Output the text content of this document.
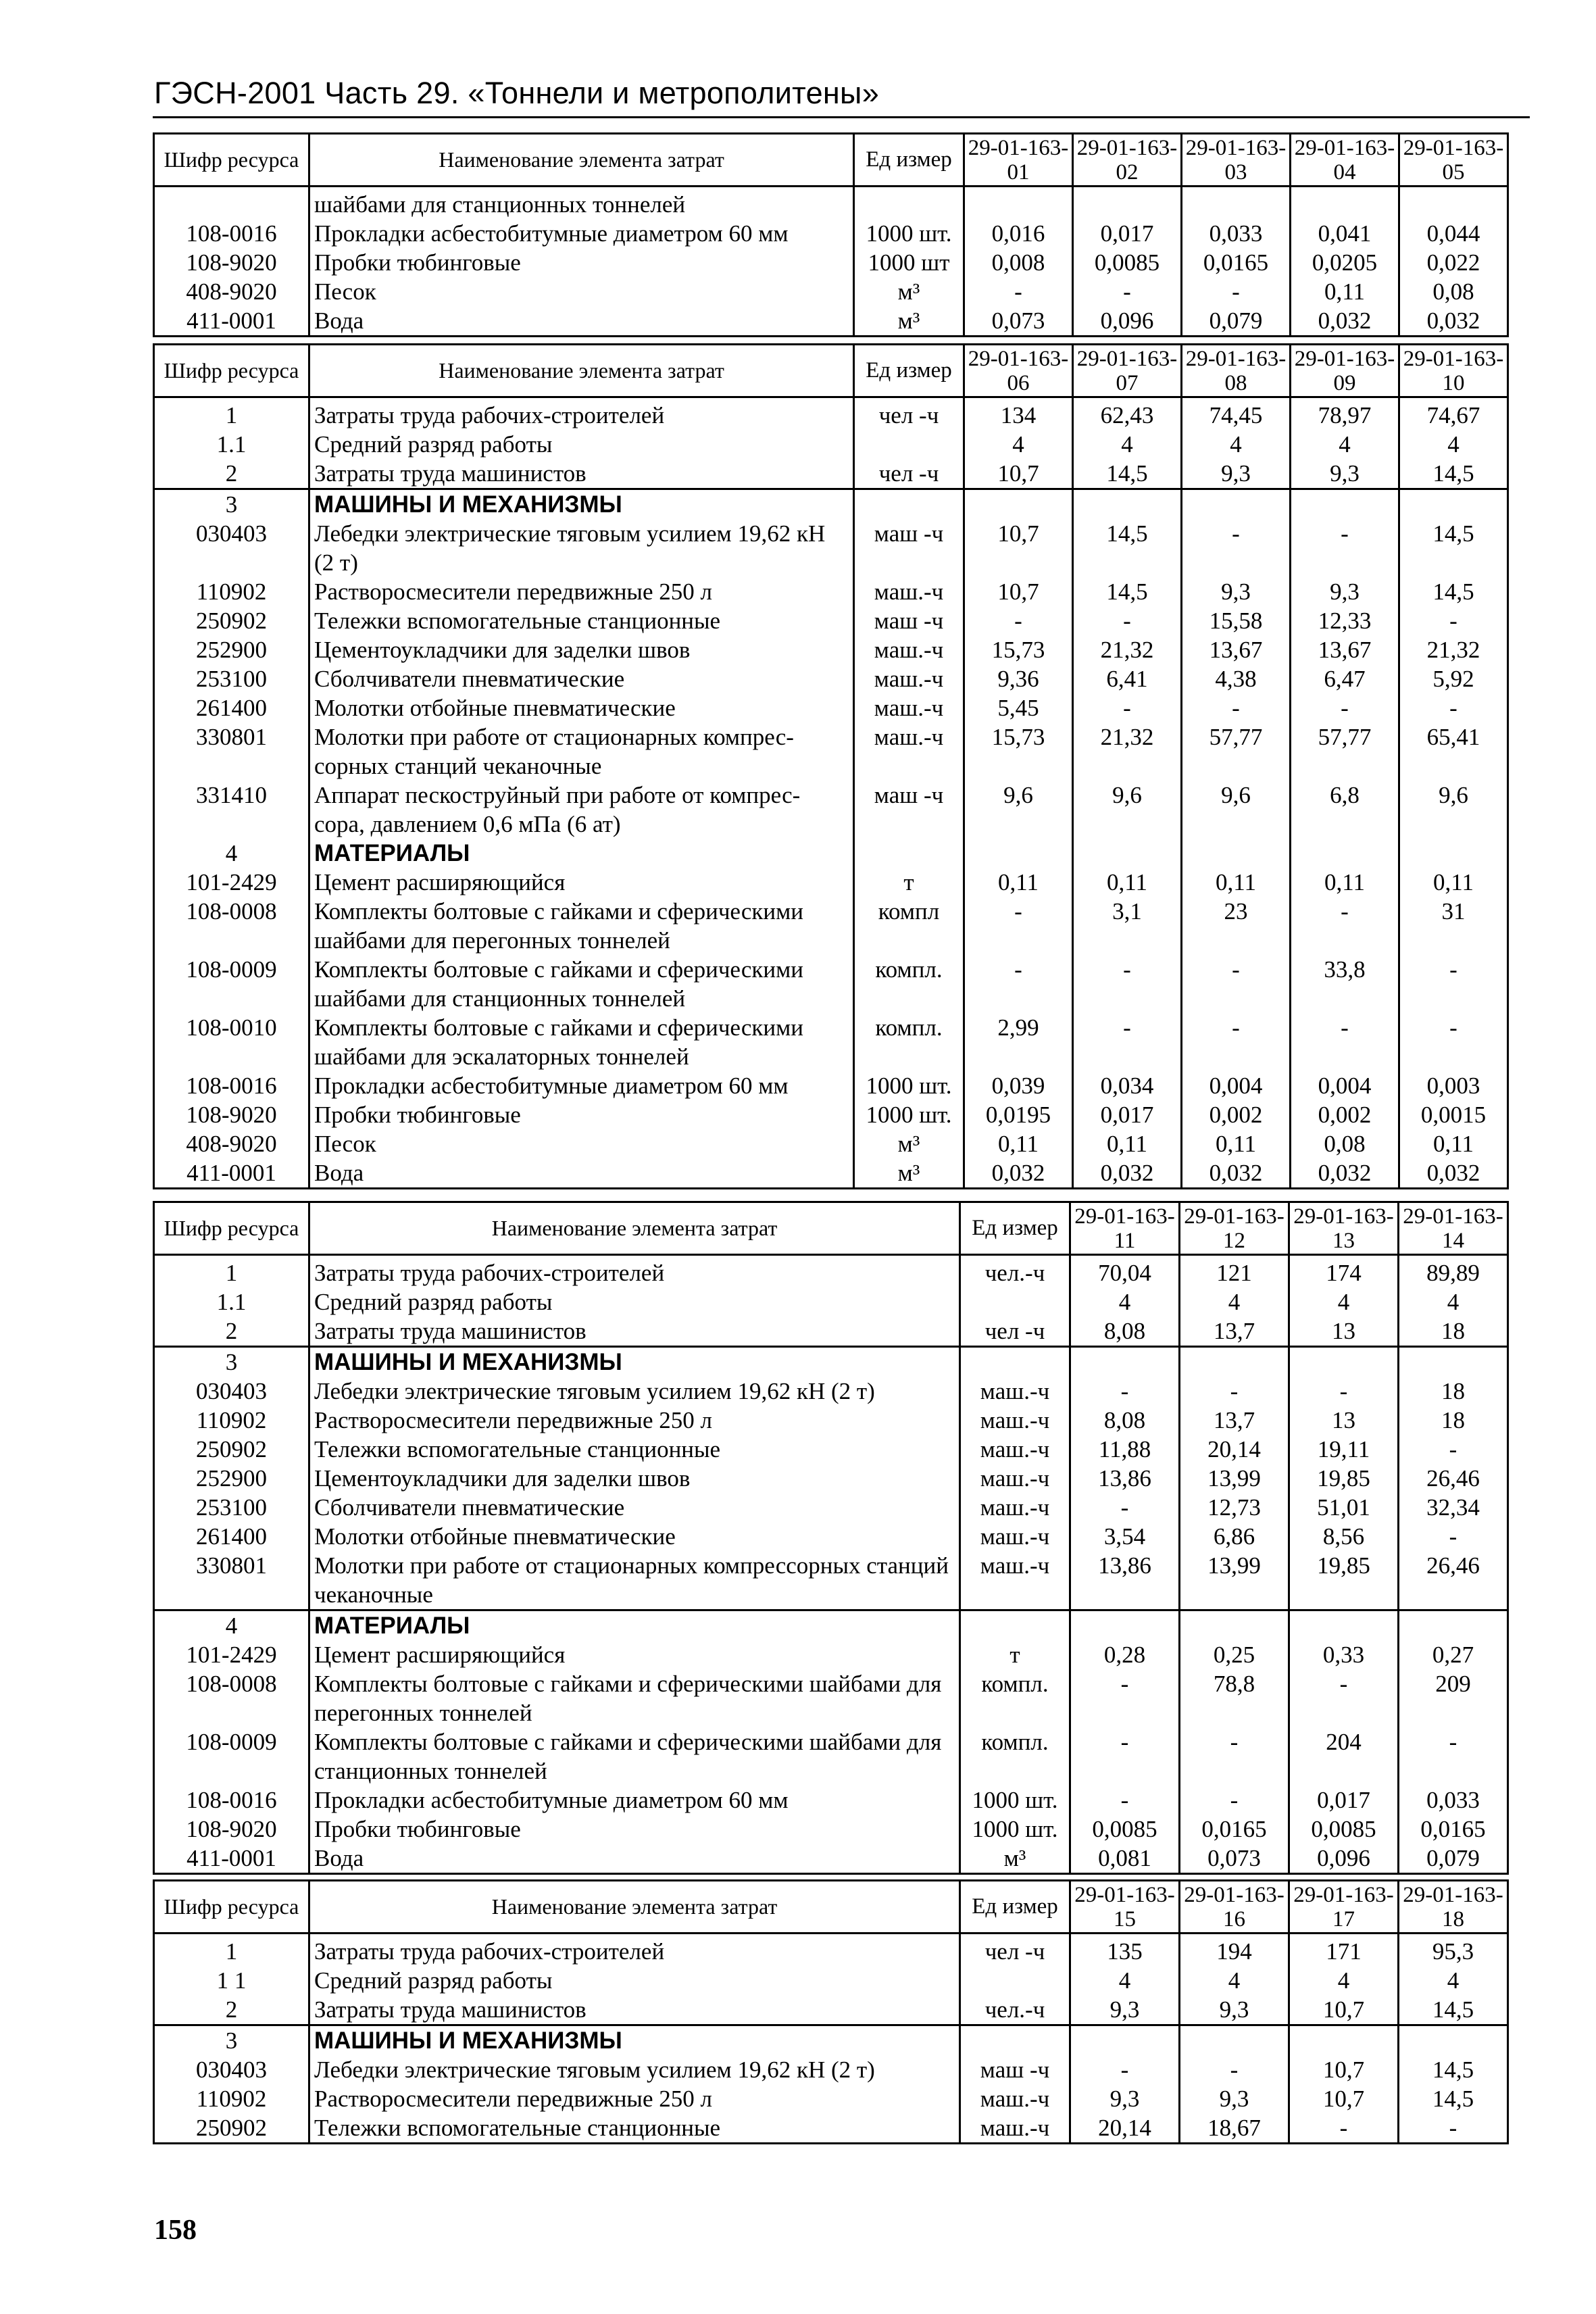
ГЭСН-2001 Часть 29. «Тоннели и метрополитены»
Шифр ресурса	Наименование элемента затрат	Ед измер	29-01-163-01	29-01-163-02	29-01-163-03	29-01-163-04	29-01-163-05
	шайбами для станционных тоннелей						
108-0016	Прокладки асбестобитумные диаметром 60 мм	1000 шт.	0,016	0,017	0,033	0,041	0,044
108-9020	Пробки тюбинговые	1000 шт	0,008	0,0085	0,0165	0,0205	0,022
408-9020	Песок	м³	-	-	-	0,11	0,08
411-0001	Вода	м³	0,073	0,096	0,079	0,032	0,032
Шифр ресурса	Наименование элемента затрат	Ед измер	29-01-163-06	29-01-163-07	29-01-163-08	29-01-163-09	29-01-163-10
1	Затраты труда рабочих-строителей	чел -ч	134	62,43	74,45	78,97	74,67
1.1	Средний разряд работы		4	4	4	4	4
2	Затраты труда машинистов	чел -ч	10,7	14,5	9,3	9,3	14,5
3	МАШИНЫ И МЕХАНИЗМЫ						
030403	Лебедки электрические тяговым усилием 19,62 кН (2 т)	маш -ч	10,7	14,5	-	-	14,5
110902	Растворосмесители передвижные 250 л	маш.-ч	10,7	14,5	9,3	9,3	14,5
250902	Тележки вспомогательные станционные	маш -ч	-	-	15,58	12,33	-
252900	Цементоукладчики для заделки швов	маш.-ч	15,73	21,32	13,67	13,67	21,32
253100	Сболчиватели пневматические	маш.-ч	9,36	6,41	4,38	6,47	5,92
261400	Молотки отбойные пневматические	маш.-ч	5,45	-	-	-	-
330801	Молотки при работе от стационарных компрес-сорных станций чеканочные	маш.-ч	15,73	21,32	57,77	57,77	65,41
331410	Аппарат пескоструйный при работе от компрес-сора, давлением 0,6 мПа (6 ат)	маш -ч	9,6	9,6	9,6	6,8	9,6
4	МАТЕРИАЛЫ						
101-2429	Цемент расширяющийся	т	0,11	0,11	0,11	0,11	0,11
108-0008	Комплекты болтовые с гайками и сферическими шайбами для перегонных тоннелей	компл	-	3,1	23	-	31
108-0009	Комплекты болтовые с гайками и сферическими шайбами для станционных тоннелей	компл.	-	-	-	33,8	-
108-0010	Комплекты болтовые с гайками и сферическими шайбами для эскалаторных тоннелей	компл.	2,99	-	-	-	-
108-0016	Прокладки асбестобитумные диаметром 60 мм	1000 шт.	0,039	0,034	0,004	0,004	0,003
108-9020	Пробки тюбинговые	1000 шт.	0,0195	0,017	0,002	0,002	0,0015
408-9020	Песок	м³	0,11	0,11	0,11	0,08	0,11
411-0001	Вода	м³	0,032	0,032	0,032	0,032	0,032
Шифр ресурса	Наименование элемента затрат	Ед измер	29-01-163-11	29-01-163-12	29-01-163-13	29-01-163-14
1	Затраты труда рабочих-строителей	чел.-ч	70,04	121	174	89,89
1.1	Средний разряд работы		4	4	4	4
2	Затраты труда машинистов	чел -ч	8,08	13,7	13	18
3	МАШИНЫ И МЕХАНИЗМЫ					
030403	Лебедки электрические тяговым усилием 19,62 кН (2 т)	маш.-ч	-	-	-	18
110902	Растворосмесители передвижные 250 л	маш.-ч	8,08	13,7	13	18
250902	Тележки вспомогательные станционные	маш.-ч	11,88	20,14	19,11	-
252900	Цементоукладчики для заделки швов	маш.-ч	13,86	13,99	19,85	26,46
253100	Сболчиватели пневматические	маш.-ч	-	12,73	51,01	32,34
261400	Молотки отбойные пневматические	маш.-ч	3,54	6,86	8,56	-
330801	Молотки при работе от стационарных компрессорных станций чеканочные	маш.-ч	13,86	13,99	19,85	26,46
4	МАТЕРИАЛЫ					
101-2429	Цемент расширяющийся	т	0,28	0,25	0,33	0,27
108-0008	Комплекты болтовые с гайками и сферическими шайбами для перегонных тоннелей	компл.	-	78,8	-	209
108-0009	Комплекты болтовые с гайками и сферическими шайбами для станционных тоннелей	компл.	-	-	204	-
108-0016	Прокладки асбестобитумные диаметром 60 мм	1000 шт.	-	-	0,017	0,033
108-9020	Пробки тюбинговые	1000 шт.	0,0085	0,0165	0,0085	0,0165
411-0001	Вода	м³	0,081	0,073	0,096	0,079
Шифр ресурса	Наименование элемента затрат	Ед измер	29-01-163-15	29-01-163-16	29-01-163-17	29-01-163-18
1	Затраты труда рабочих-строителей	чел -ч	135	194	171	95,3
1 1	Средний разряд работы		4	4	4	4
2	Затраты труда машинистов	чел.-ч	9,3	9,3	10,7	14,5
3	МАШИНЫ И МЕХАНИЗМЫ					
030403	Лебедки электрические тяговым усилием 19,62 кН (2 т)	маш -ч	-	-	10,7	14,5
110902	Растворосмесители передвижные 250 л	маш.-ч	9,3	9,3	10,7	14,5
250902	Тележки вспомогательные станционные	маш.-ч	20,14	18,67	-	-
158
